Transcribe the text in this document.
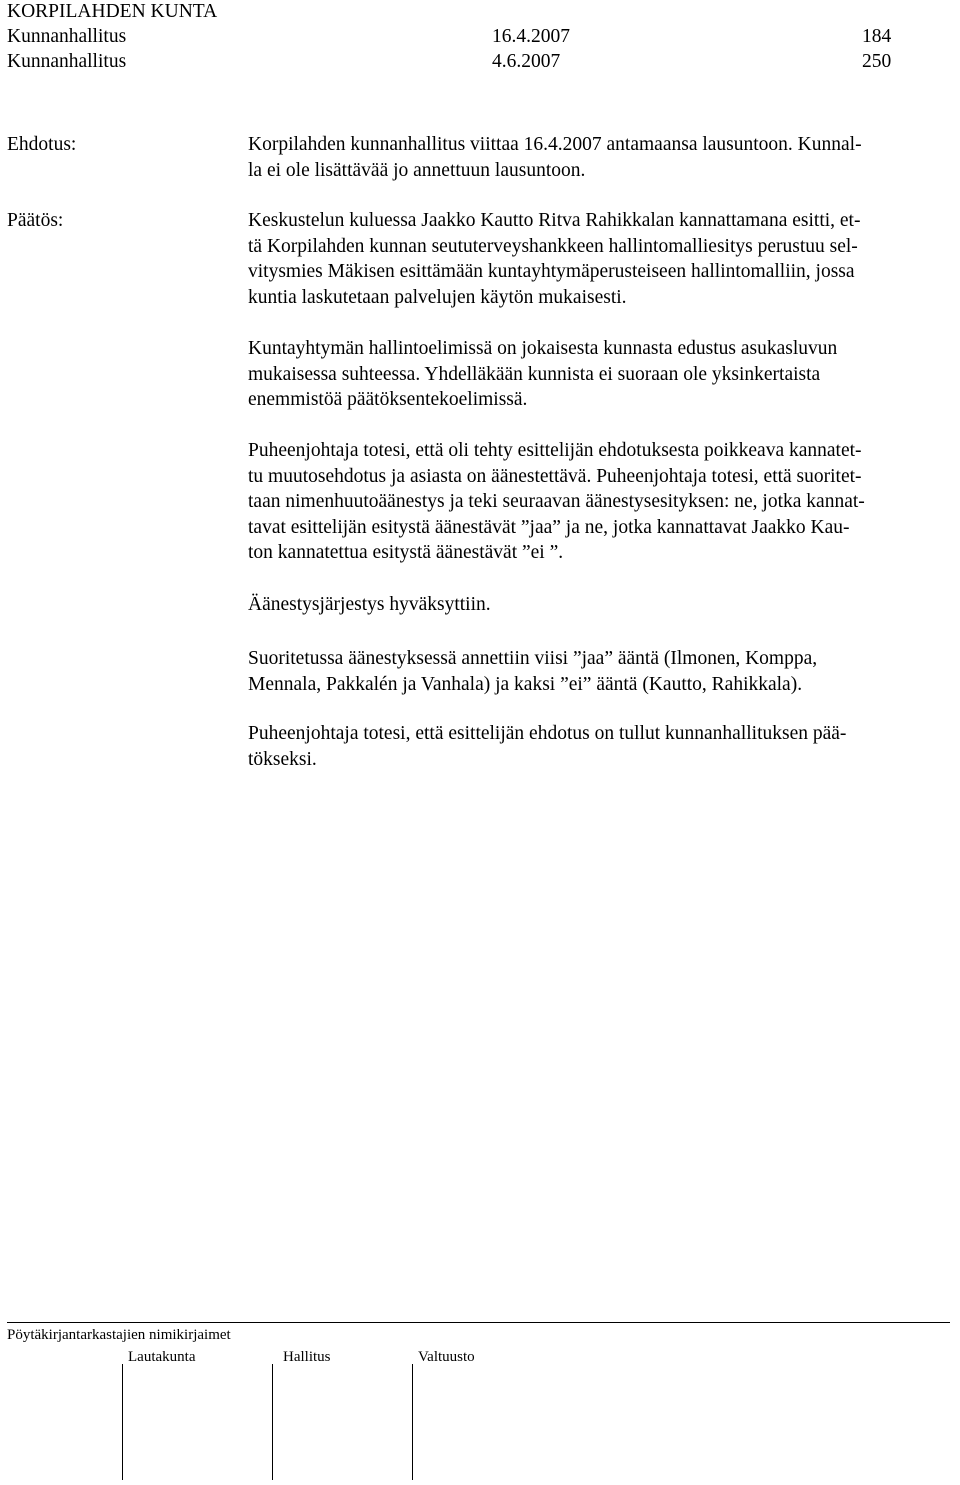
KORPILAHDEN KUNTA
Kunnanhallitus	16.4.2007	184
Kunnanhallitus	4.6.2007	250
Ehdotus:	Korpilahden kunnanhallitus viittaa 16.4.2007 antamaansa lausuntoon. Kunnal-
la ei ole lisättävää jo annettuun lausuntoon.
Päätös:	Keskustelun kuluessa Jaakko Kautto Ritva Rahikkalan kannattamana esitti, et-
tä Korpilahden kunnan seututerveyshankkeen hallintomalliesitys perustuu sel-
vitysmies Mäkisen esittämään kuntayhtymäperusteiseen hallintomalliin, jossa
kuntia laskutetaan palvelujen käytön mukaisesti.
Kuntayhtymän hallintoelimissä on jokaisesta kunnasta edustus asukasluvun
mukaisessa suhteessa. Yhdelläkään kunnista ei suoraan ole yksinkertaista
enemmistöä päätöksentekoelimissä.
Puheenjohtaja totesi, että oli tehty esittelijän ehdotuksesta poikkeava kannatet-
tu muutosehdotus ja asiasta on äänestettävä. Puheenjohtaja totesi, että suoritet-
taan nimenhuutoäänestys ja teki seuraavan äänestysesityksen: ne, jotka kannat-
tavat esittelijän esitystä äänestävät ”jaa” ja ne, jotka kannattavat Jaakko Kau-
ton kannatettua esitystä äänestävät ”ei ”.
Äänestysjärjestys hyväksyttiin.
Suoritetussa äänestyksessä annettiin viisi ”jaa” ääntä (Ilmonen, Komppa,
Mennala, Pakkalén ja Vanhala) ja kaksi ”ei” ääntä (Kautto, Rahikkala).
Puheenjohtaja totesi, että esittelijän ehdotus on tullut kunnanhallituksen pää-
tökseksi.
Pöytäkirjantarkastajien nimikirjaimet
Lautakunta	Hallitus	Valtuusto
